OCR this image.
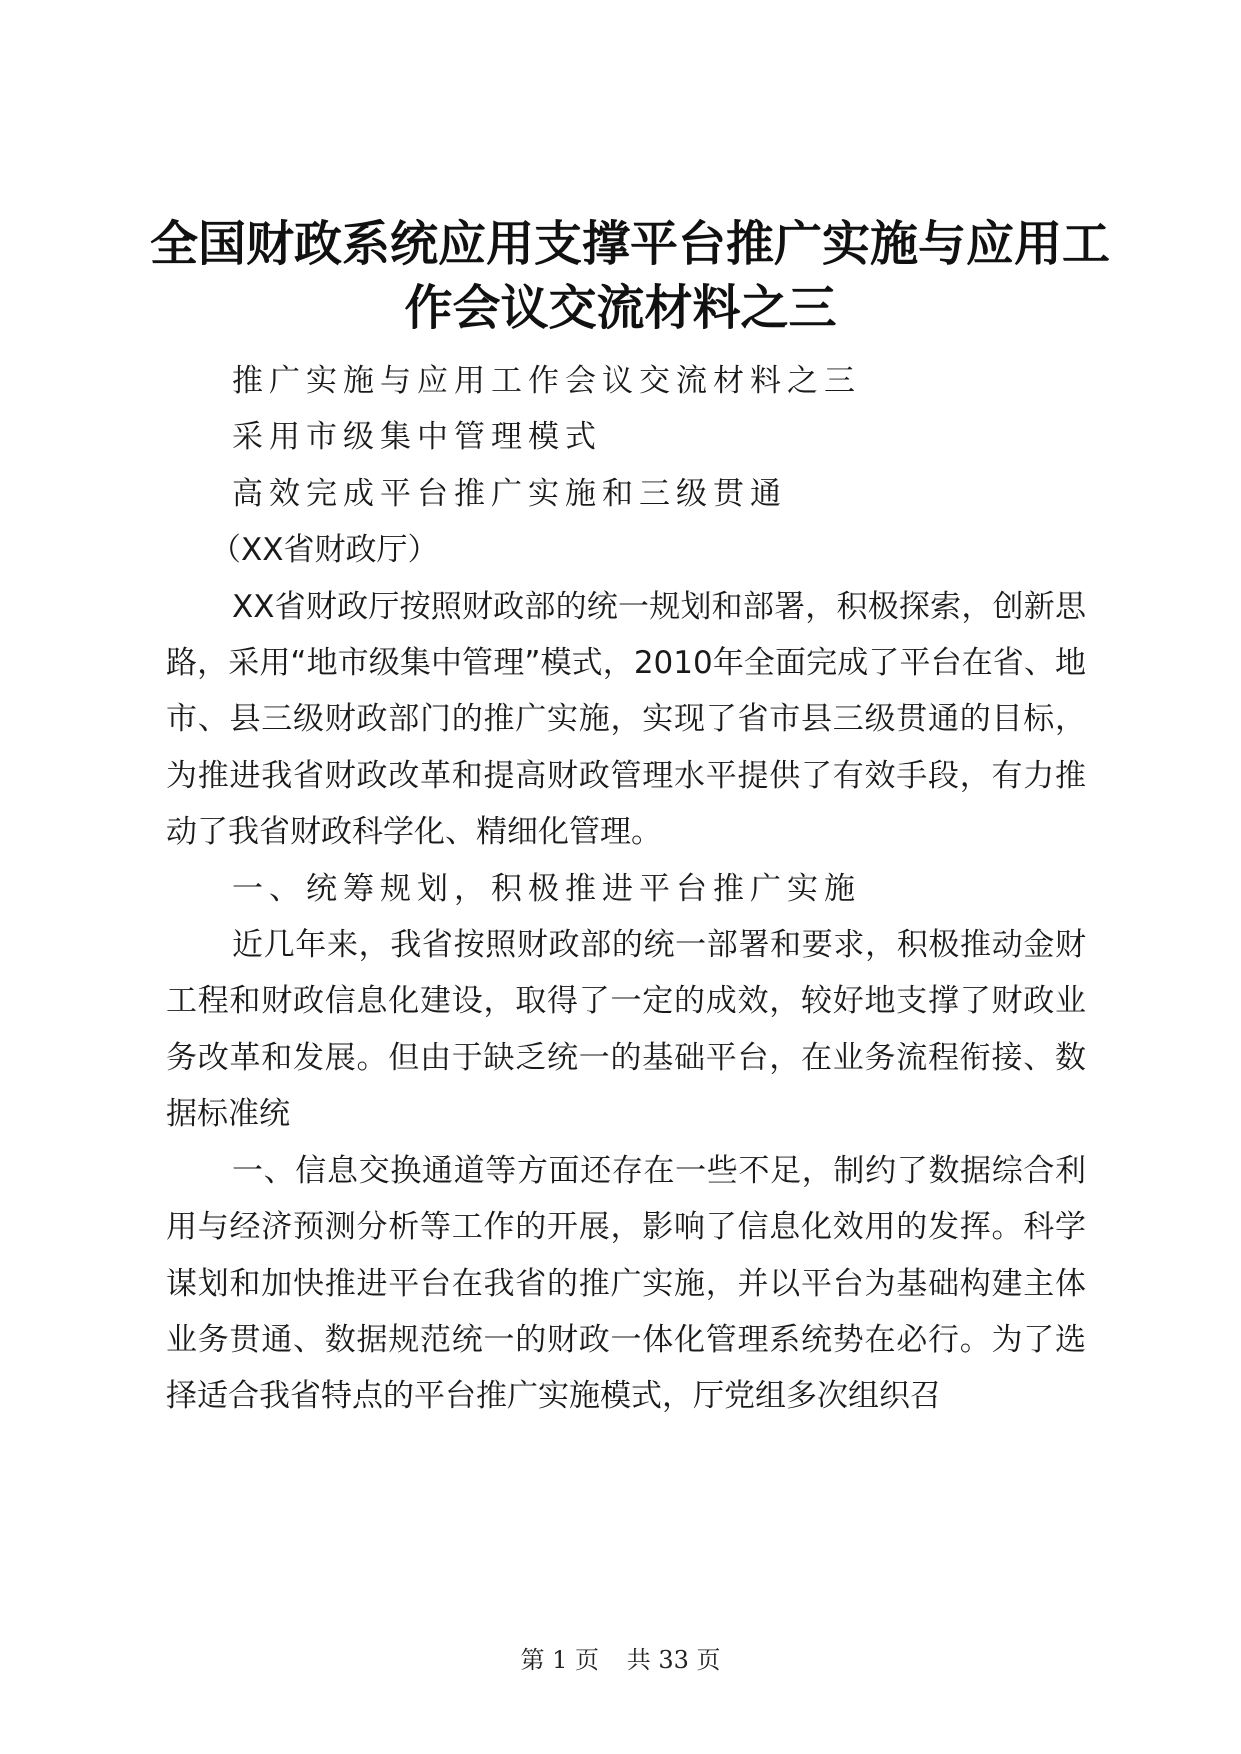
全国财政系统应用支撑平台推广实施与应用工
作会议交流材料之三

推广实施与应用工作会议交流材料之三

采用市级集中管理模式

高效完成平台推广实施和三级贯通

（XX省财政厅）

XX省财政厅按照财政部的统一规划和部署，积极探索，创新思路，采用“地市级集中管理”模式，2010年全面完成了平台在省、地市、县三级财政部门的推广实施，实现了省市县三级贯通的目标，为推进我省财政改革和提高财政管理水平提供了有效手段，有力推动了我省财政科学化、精细化管理。

一、统筹规划，积极推进平台推广实施

近几年来，我省按照财政部的统一部署和要求，积极推动金财工程和财政信息化建设，取得了一定的成效，较好地支撑了财政业务改革和发展。但由于缺乏统一的基础平台，在业务流程衔接、数据标准统

一、信息交换通道等方面还存在一些不足，制约了数据综合利用与经济预测分析等工作的开展，影响了信息化效用的发挥。科学谋划和加快推进平台在我省的推广实施，并以平台为基础构建主体业务贯通、数据规范统一的财政一体化管理系统势在必行。为了选择适合我省特点的平台推广实施模式，厅党组多次组织召

第 1 页 共 33 页
